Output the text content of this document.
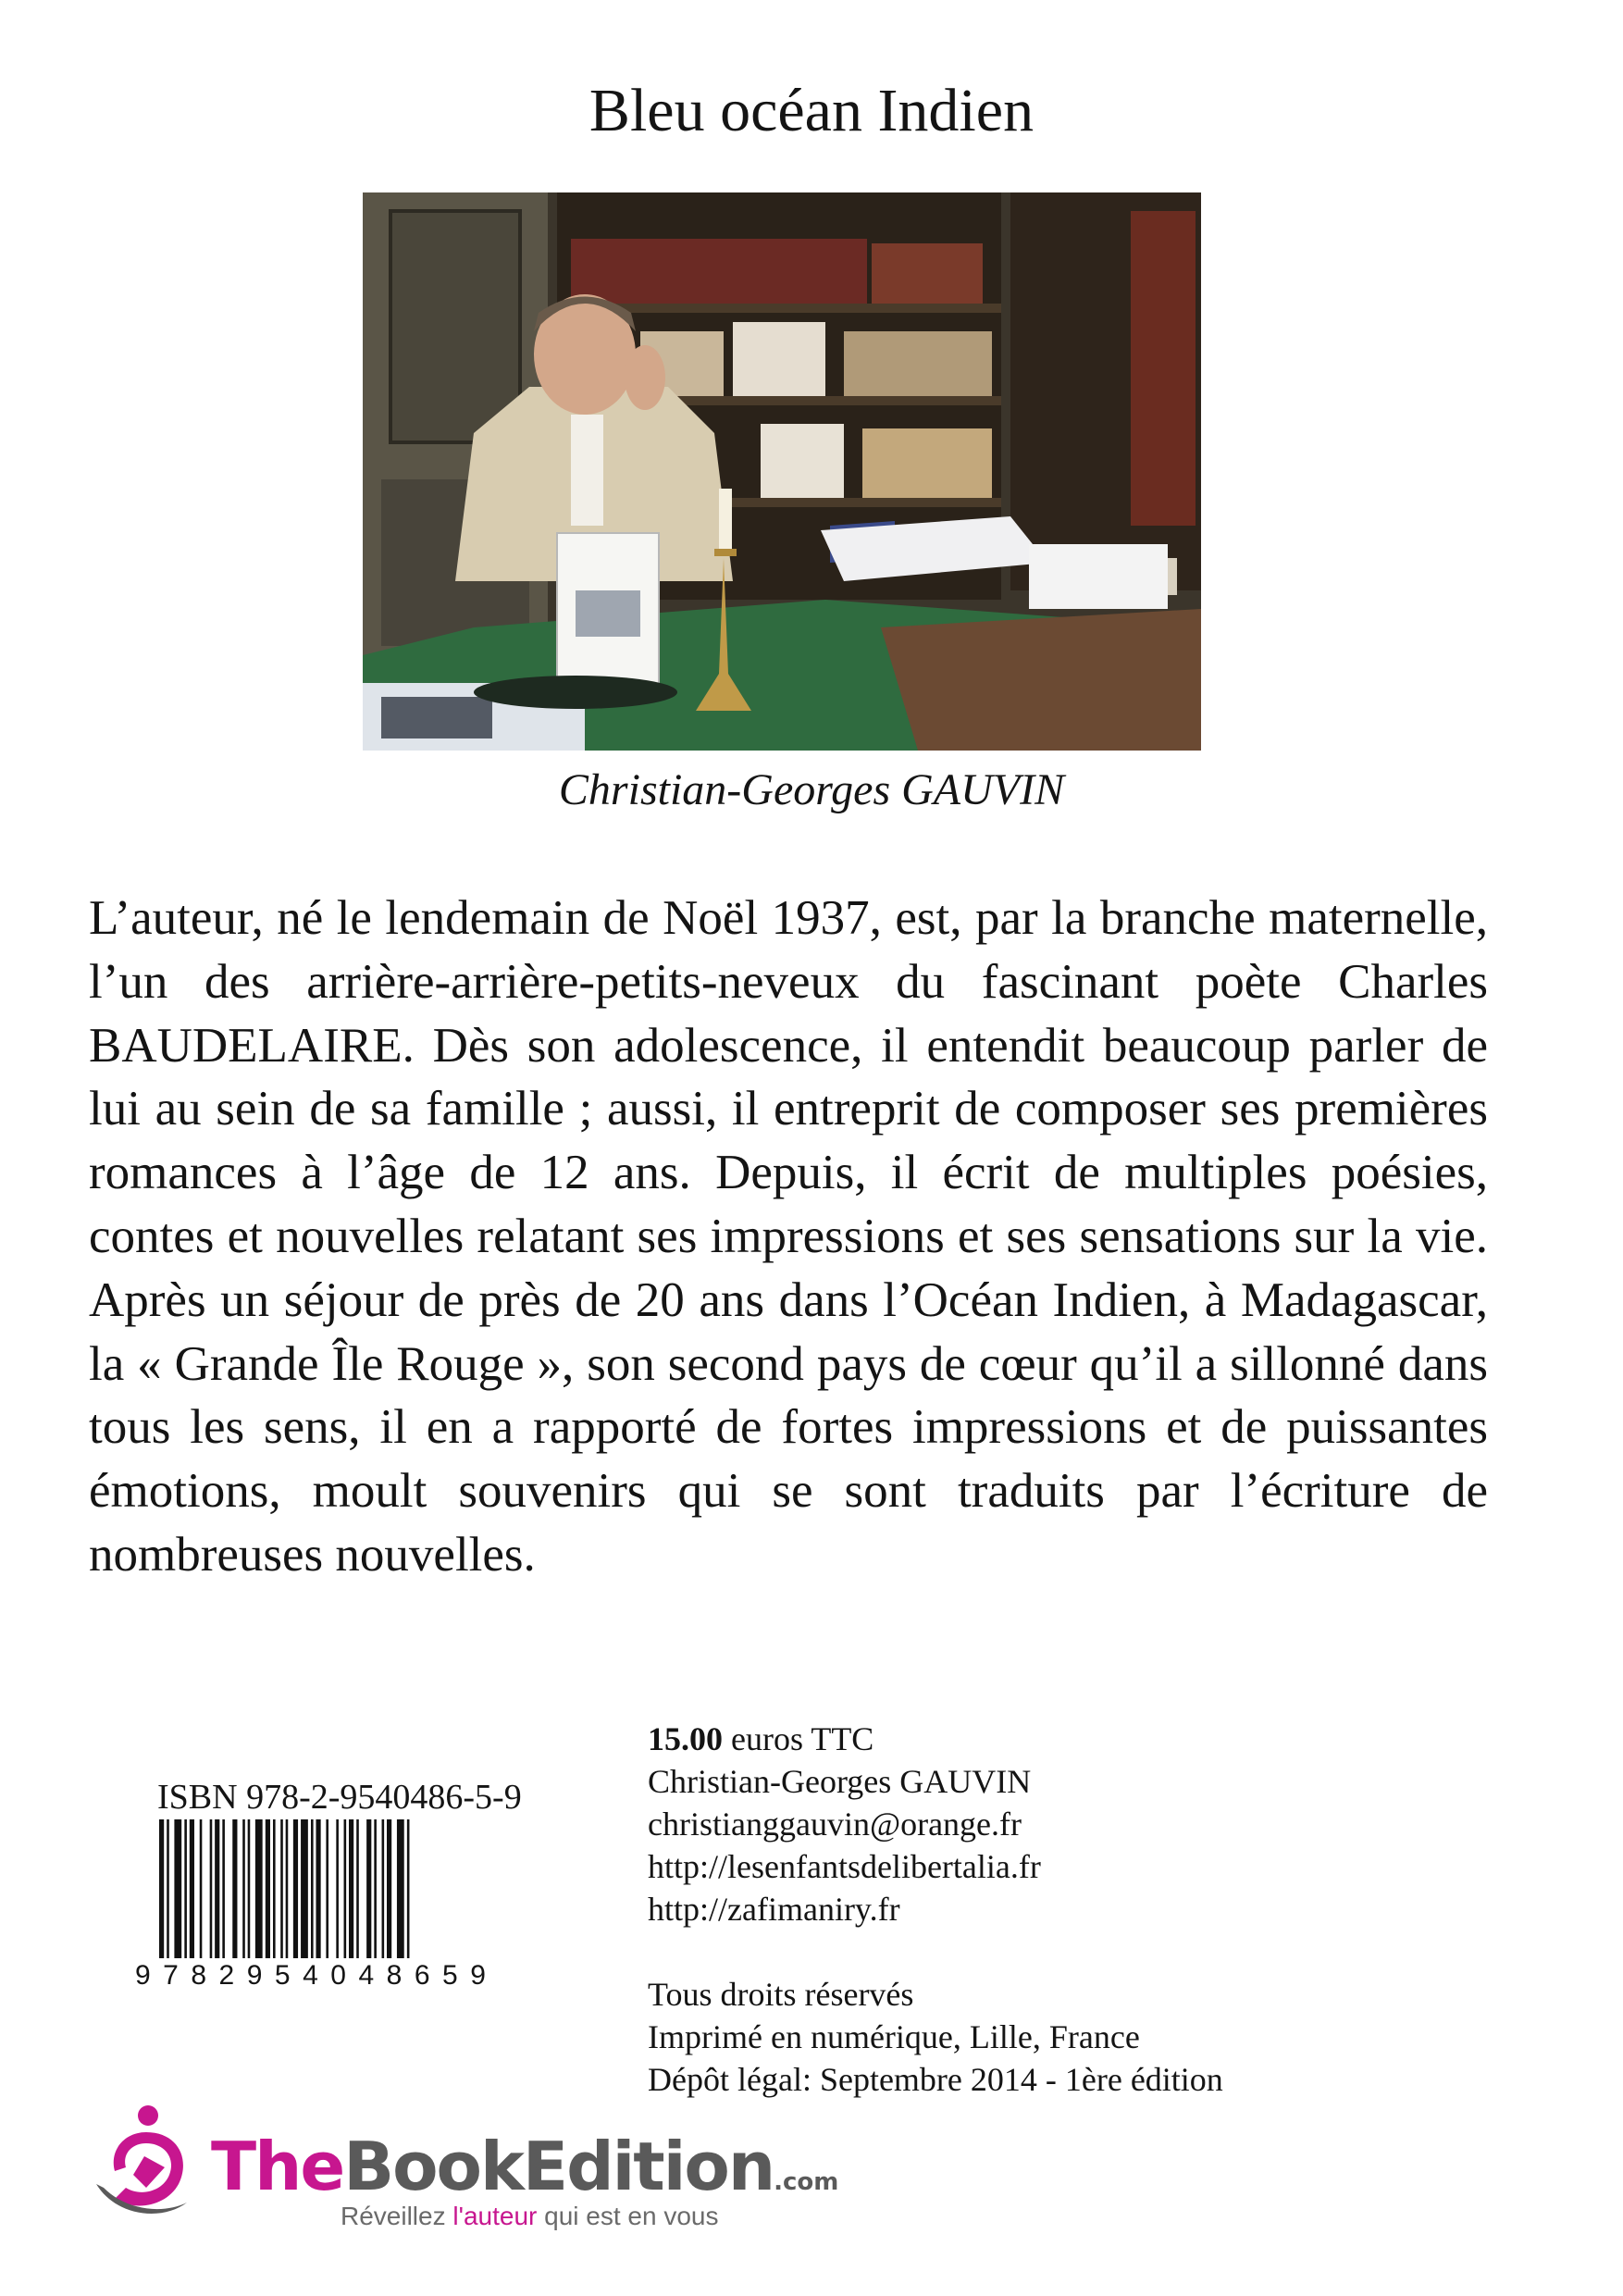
Bleu océan Indien
Christian-Georges GAUVIN

L’auteur, né le lendemain de Noël 1937, est, par la branche maternelle, l’un des arrière-arrière-petits-neveux du fascinant poète Charles BAUDELAIRE. Dès son adolescence, il entendit beaucoup parler de lui au sein de sa famille ; aussi, il entreprit de composer ses premières romances à l’âge de 12 ans. Depuis, il écrit de multiples poésies, contes et nouvelles relatant ses impressions et ses sensations sur la vie. Après un séjour de près de 20 ans dans l’Océan Indien, à Madagascar, la « Grande Île Rouge », son second pays de cœur qu’il a sillonné dans tous les sens, il en a rapporté de fortes impressions et de puissantes émotions, moult souvenirs qui se sont traduits par l’écriture de nombreuses nouvelles.

ISBN 978-2-9540486-5-9
9782954048659
15.00 euros TTC
Christian-Georges GAUVIN
christianggauvin@orange.fr
http://lesenfantsdelibertalia.fr
http://zafimaniry.fr
Tous droits réservés
Imprimé en numérique, Lille, France
Dépôt légal: Septembre 2014 - 1ère édition
TheBookEdition.com
Réveillez l'auteur qui est en vous
